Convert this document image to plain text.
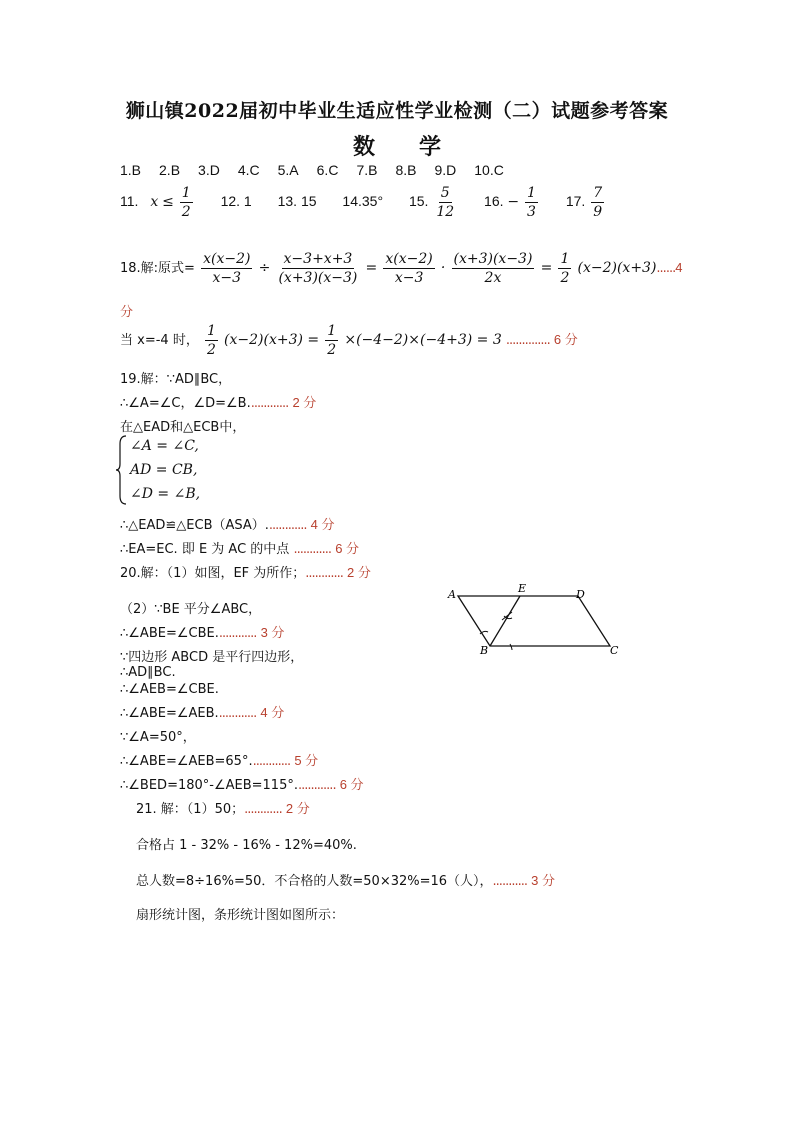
狮山镇2022届初中毕业生适应性学业检测（二）试题参考答案
数 学
1.B 2.B 3.D 4.C 5.A 6.C 7.B 8.B 9.D 10.C
11. $x \le \frac{1}{2} 12$. 1 13. 15 14.35° 15. $\frac{5}{12} 16$. − $\frac{1}{3} 17$. $\frac{7}{9}$
18.解:原式= $\frac{x(x-2)}{x-3} \div \frac{x-3+x+3}{(x+3)(x-3)} = \frac{x(x-2)}{x-3} \cdot \frac{(x+3)(x-3)}{2x} = \frac{1}{2} (x-2)(x+3)......4$
分
当 x=-4 时， $\frac{1}{2} (x-2)(x+3) = \frac{1}{2} \times(-4-2)\times(-4+3) = 3$ .............. 6 分
19.解：∵AD∥BC，
∴∠A=∠C，∠D=∠B............. 2 分
在△EAD和△ECB中，
∠A = ∠C,
AD = CB,
∠D = ∠B,
∴△EAD≌△ECB（ASA）............. 4 分
∴EA=EC. 即 E 为 AC 的中点 ............ 6 分
20.解：（1）如图，EF 为所作；............ 2 分
（2）∵BE 平分∠ABC，
∴∠ABE=∠CBE............. 3 分
∵四边形 ABCD 是平行四边形，
∴AD∥BC.
∴∠AEB=∠CBE.
∴∠ABE=∠AEB............. 4 分
∵∠A=50°，
∴∠ABE=∠AEB=65°............. 5 分
∴∠BED=180°-∠AEB=115°............. 6 分
A	E	D
B	C
21. 解：（1）50；............ 2 分
合格占 1 - 32% - 16% - 12%=40%.
总人数=8÷16%=50．不合格的人数=50×32%=16（人），........... 3 分
扇形统计图，条形统计图如图所示：
